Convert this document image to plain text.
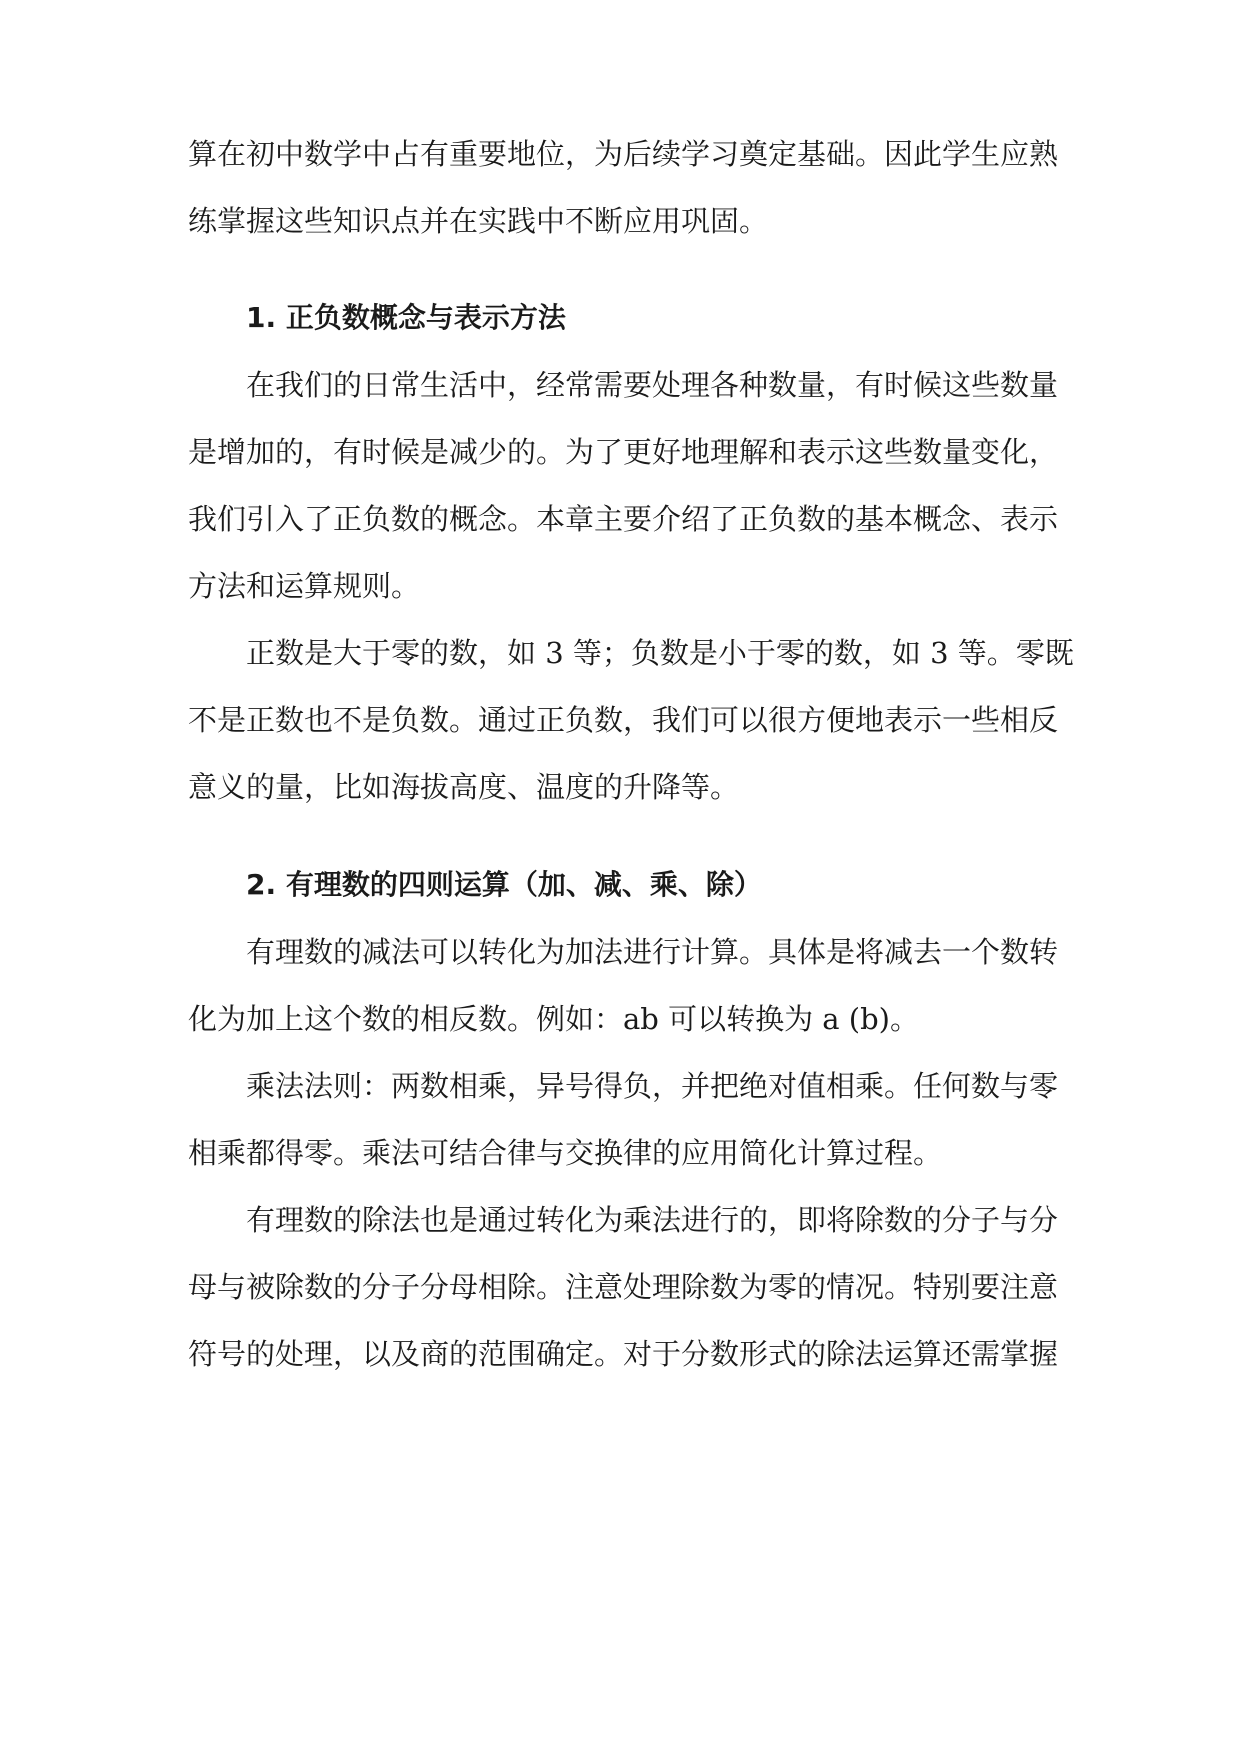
算在初中数学中占有重要地位，为后续学习奠定基础。因此学生应熟
练掌握这些知识点并在实践中不断应用巩固。
1. 正负数概念与表示方法
在我们的日常生活中，经常需要处理各种数量，有时候这些数量
是增加的，有时候是减少的。为了更好地理解和表示这些数量变化，
我们引入了正负数的概念。本章主要介绍了正负数的基本概念、表示
方法和运算规则。
正数是大于零的数，如 3 等；负数是小于零的数，如 3 等。零既
不是正数也不是负数。通过正负数，我们可以很方便地表示一些相反
意义的量，比如海拔高度、温度的升降等。
2. 有理数的四则运算（加、减、乘、除）
有理数的减法可以转化为加法进行计算。具体是将减去一个数转
化为加上这个数的相反数。例如：ab 可以转换为 a (b)。
乘法法则：两数相乘，异号得负，并把绝对值相乘。任何数与零
相乘都得零。乘法可结合律与交换律的应用简化计算过程。
有理数的除法也是通过转化为乘法进行的，即将除数的分子与分
母与被除数的分子分母相除。注意处理除数为零的情况。特别要注意
符号的处理，以及商的范围确定。对于分数形式的除法运算还需掌握
